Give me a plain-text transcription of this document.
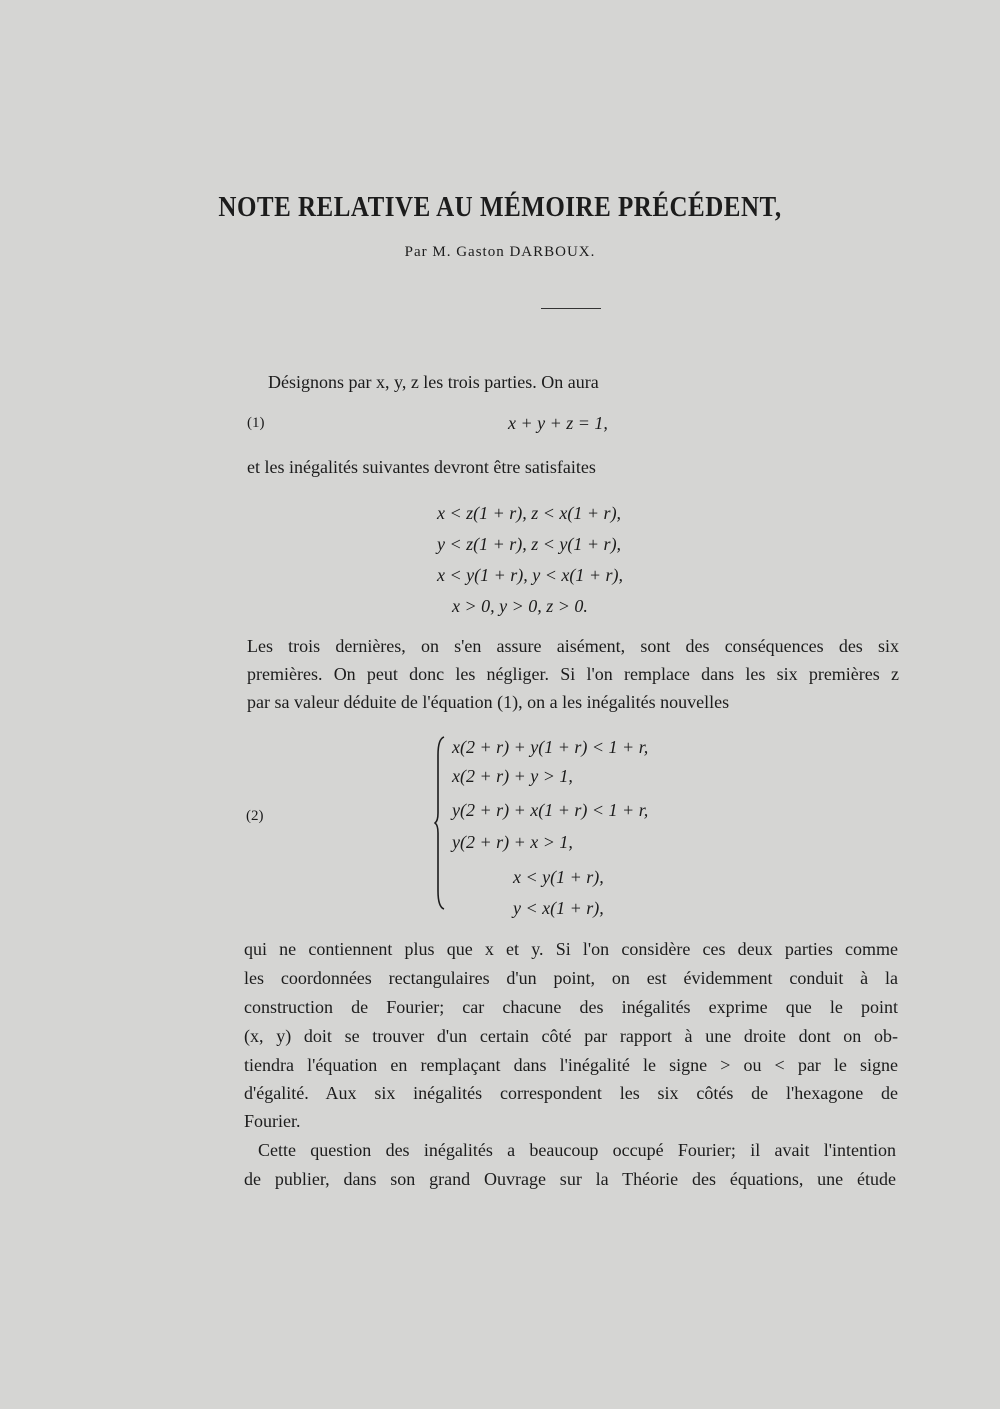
NOTE RELATIVE AU MÉMOIRE PRÉCÉDENT,
Par M. Gaston DARBOUX.
Désignons par x, y, z les trois parties. On aura
(1)	x + y + z = 1,
et les inégalités suivantes devront être satisfaites
x < z(1 + r), z < x(1 + r),
y < z(1 + r), z < y(1 + r),
x < y(1 + r), y < x(1 + r),
x > 0, y > 0, z > 0.
Les trois dernières, on s'en assure aisément, sont des conséquences des six
premières. On peut donc les négliger. Si l'on remplace dans les six premières z
par sa valeur déduite de l'équation (1), on a les inégalités nouvelles
(2)
x(2 + r) + y(1 + r) < 1 + r,
x(2 + r) + y > 1,
y(2 + r) + x(1 + r) < 1 + r,
y(2 + r) + x > 1,
x < y(1 + r),
y < x(1 + r),
qui ne contiennent plus que x et y. Si l'on considère ces deux parties comme
les coordonnées rectangulaires d'un point, on est évidemment conduit à la
construction de Fourier; car chacune des inégalités exprime que le point
(x, y) doit se trouver d'un certain côté par rapport à une droite dont on ob-
tiendra l'équation en remplaçant dans l'inégalité le signe > ou < par le signe
d'égalité. Aux six inégalités correspondent les six côtés de l'hexagone de
Fourier.
Cette question des inégalités a beaucoup occupé Fourier; il avait l'intention
de publier, dans son grand Ouvrage sur la Théorie des équations, une étude
